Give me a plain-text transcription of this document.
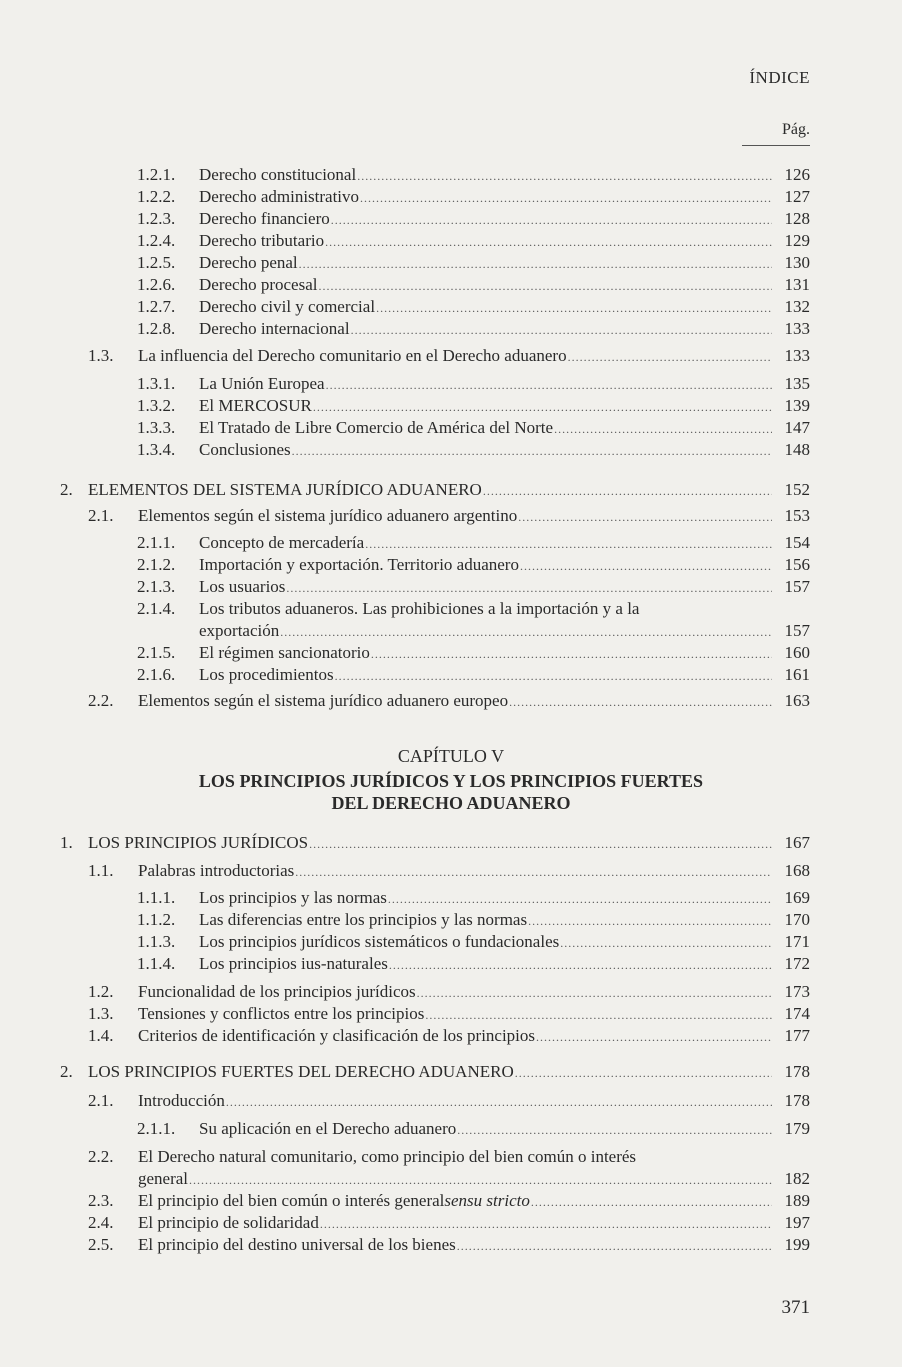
ÍNDICE
Pág.
1.2.1. Derecho constitucional .....	126
1.2.2. Derecho administrativo .....	127
1.2.3. Derecho financiero .....	128
1.2.4. Derecho tributario .....	129
1.2.5. Derecho penal .....	130
1.2.6. Derecho procesal .....	131
1.2.7. Derecho civil y comercial .....	132
1.2.8. Derecho internacional .....	133
1.3. La influencia del Derecho comunitario en el Derecho aduanero .....	133
1.3.1. La Unión Europea .....	135
1.3.2. El MERCOSUR .....	139
1.3.3. El Tratado de Libre Comercio de América del Norte .....	147
1.3.4. Conclusiones .....	148
2. ELEMENTOS DEL SISTEMA JURÍDICO ADUANERO .....	152
2.1. Elementos según el sistema jurídico aduanero argentino .....	153
2.1.1. Concepto de mercadería .....	154
2.1.2. Importación y exportación. Territorio aduanero .....	156
2.1.3. Los usuarios .....	157
2.1.4. Los tributos aduaneros. Las prohibiciones a la importación y a la
exportación .....	157
2.1.5. El régimen sancionatorio .....	160
2.1.6. Los procedimientos .....	161
2.2. Elementos según el sistema jurídico aduanero europeo .....	163
CAPÍTULO V
LOS PRINCIPIOS JURÍDICOS Y LOS PRINCIPIOS FUERTES
DEL DERECHO ADUANERO
1. LOS PRINCIPIOS JURÍDICOS .....	167
1.1. Palabras introductorias .....	168
1.1.1. Los principios y las normas .....	169
1.1.2. Las diferencias entre los principios y las normas .....	170
1.1.3. Los principios jurídicos sistemáticos o fundacionales .....	171
1.1.4. Los principios ius-naturales .....	172
1.2. Funcionalidad de los principios jurídicos .....	173
1.3. Tensiones y conflictos entre los principios .....	174
1.4. Criterios de identificación y clasificación de los principios .....	177
2. LOS PRINCIPIOS FUERTES DEL DERECHO ADUANERO .....	178
2.1. Introducción .....	178
2.1.1. Su aplicación en el Derecho aduanero .....	179
2.2. El Derecho natural comunitario, como principio del bien común o interés
general .....	182
2.3. El principio del bien común o interés general sensu stricto .....	189
2.4. El principio de solidaridad .....	197
2.5. El principio del destino universal de los bienes .....	199
371
